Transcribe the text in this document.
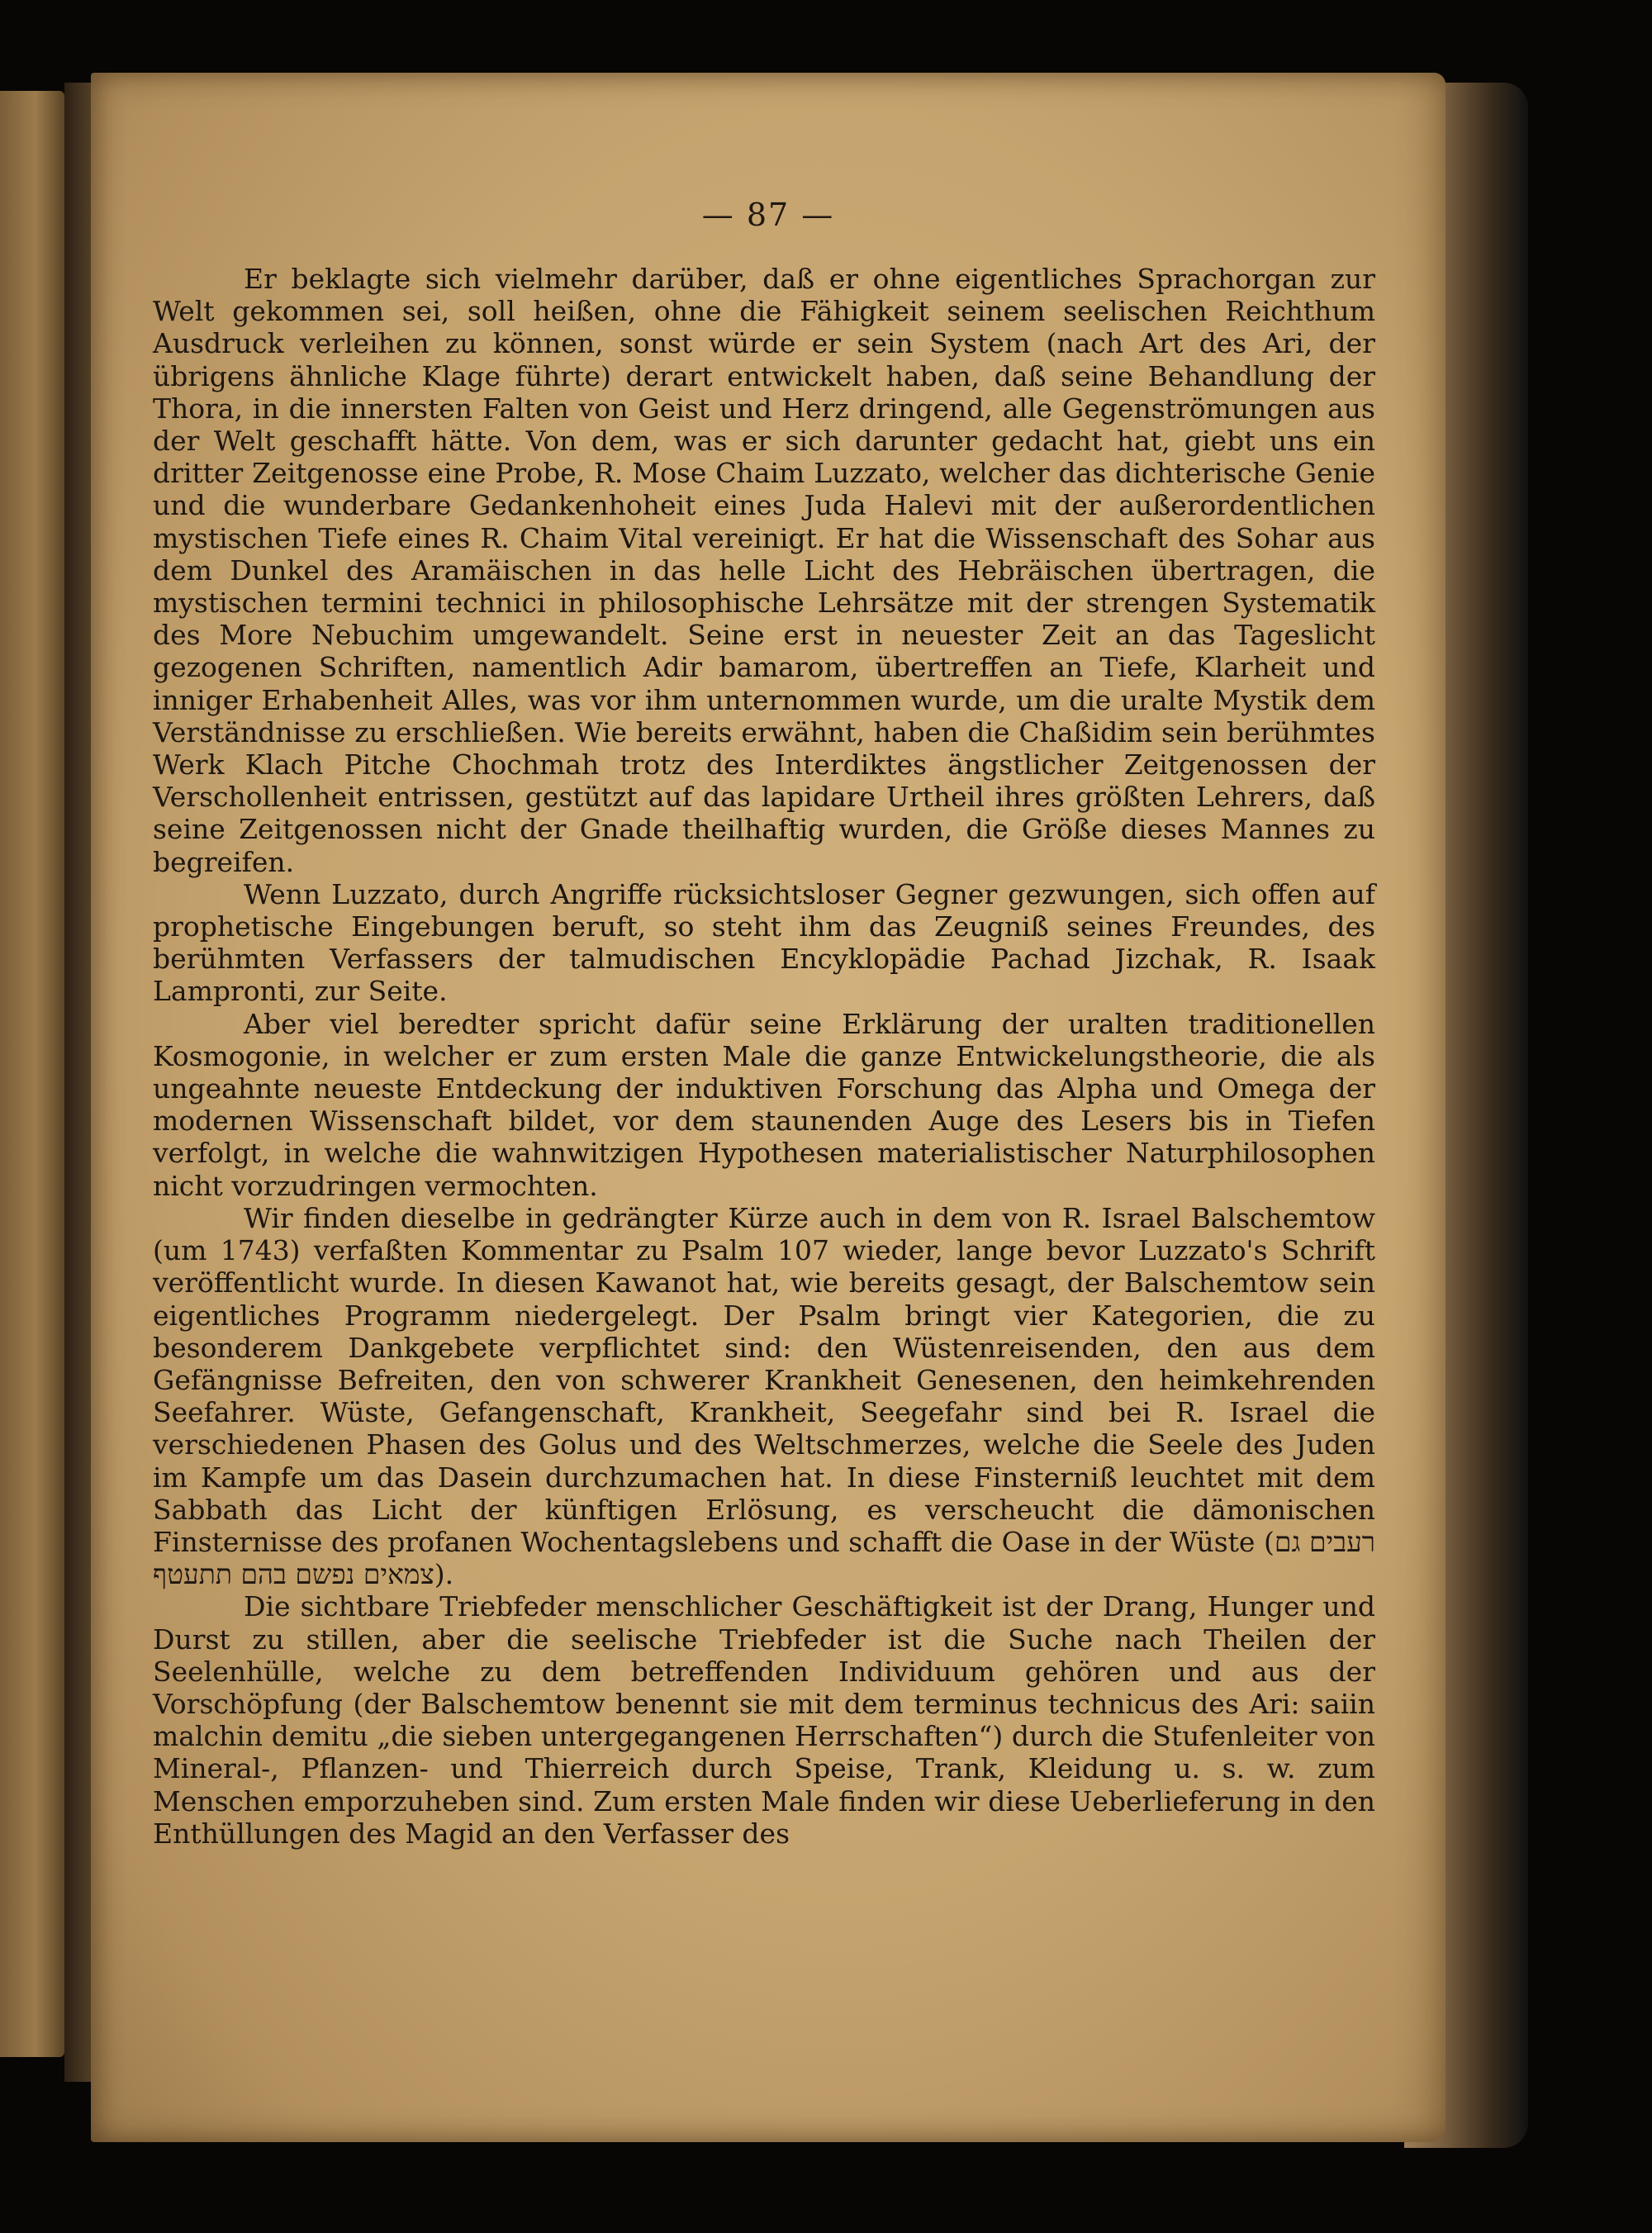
— 87 —

Er beklagte sich vielmehr darüber, daß er ohne eigentliches Sprachorgan zur Welt gekommen sei, soll heißen, ohne die Fähigkeit seinem seelischen Reichthum Ausdruck verleihen zu können, sonst würde er sein System (nach Art des Ari, der übrigens ähnliche Klage führte) derart entwickelt haben, daß seine Behandlung der Thora, in die innersten Falten von Geist und Herz dringend, alle Gegenströmungen aus der Welt geschafft hätte. Von dem, was er sich darunter gedacht hat, giebt uns ein dritter Zeitgenosse eine Probe, R. Mose Chaim Luzzato, welcher das dichterische Genie und die wunderbare Gedankenhoheit eines Juda Halevi mit der außerordentlichen mystischen Tiefe eines R. Chaim Vital vereinigt. Er hat die Wissenschaft des Sohar aus dem Dunkel des Aramäischen in das helle Licht des Hebräischen übertragen, die mystischen termini technici in philosophische Lehrsätze mit der strengen Systematik des More Nebuchim umgewandelt. Seine erst in neuester Zeit an das Tageslicht gezogenen Schriften, namentlich Adir bamarom, übertreffen an Tiefe, Klarheit und inniger Erhabenheit Alles, was vor ihm unternommen wurde, um die uralte Mystik dem Verständnisse zu erschließen. Wie bereits erwähnt, haben die Chaßidim sein berühmtes Werk Klach Pitche Chochmah trotz des Interdiktes ängstlicher Zeitgenossen der Verschollenheit entrissen, gestützt auf das lapidare Urtheil ihres größten Lehrers, daß seine Zeitgenossen nicht der Gnade theilhaftig wurden, die Größe dieses Mannes zu begreifen.

Wenn Luzzato, durch Angriffe rücksichtsloser Gegner gezwungen, sich offen auf prophetische Eingebungen beruft, so steht ihm das Zeugniß seines Freundes, des berühmten Verfassers der talmudischen Encyklopädie Pachad Jizchak, R. Isaak Lampronti, zur Seite.

Aber viel beredter spricht dafür seine Erklärung der uralten traditionellen Kosmogonie, in welcher er zum ersten Male die ganze Entwickelungstheorie, die als ungeahnte neueste Entdeckung der induktiven Forschung das Alpha und Omega der modernen Wissenschaft bildet, vor dem staunenden Auge des Lesers bis in Tiefen verfolgt, in welche die wahnwitzigen Hypothesen materialistischer Naturphilosophen nicht vorzudringen vermochten.

Wir finden dieselbe in gedrängter Kürze auch in dem von R. Israel Balschemtow (um 1743) verfaßten Kommentar zu Psalm 107 wieder, lange bevor Luzzato's Schrift veröffentlicht wurde. In diesen Kawanot hat, wie bereits gesagt, der Balschemtow sein eigentliches Programm niedergelegt. Der Psalm bringt vier Kategorien, die zu besonderem Dankgebete verpflichtet sind: den Wüstenreisenden, den aus dem Gefängnisse Befreiten, den von schwerer Krankheit Genesenen, den heimkehrenden Seefahrer. Wüste, Gefangenschaft, Krankheit, Seegefahr sind bei R. Israel die verschiedenen Phasen des Golus und des Weltschmerzes, welche die Seele des Juden im Kampfe um das Dasein durchzumachen hat. In diese Finsterniß leuchtet mit dem Sabbath das Licht der künftigen Erlösung, es verscheucht die dämonischen Finsternisse des profanen Wochentagslebens und schafft die Oase in der Wüste (רעבים גם צמאים נפשם בהם תתעטף).

Die sichtbare Triebfeder menschlicher Geschäftigkeit ist der Drang, Hunger und Durst zu stillen, aber die seelische Triebfeder ist die Suche nach Theilen der Seelenhülle, welche zu dem betreffenden Individuum gehören und aus der Vorschöpfung (der Balschemtow benennt sie mit dem terminus technicus des Ari: saiin malchin demitu „die sieben untergegangenen Herrschaften“) durch die Stufenleiter von Mineral-, Pflanzen- und Thierreich durch Speise, Trank, Kleidung u. s. w. zum Menschen emporzuheben sind. Zum ersten Male finden wir diese Ueberlieferung in den Enthüllungen des Magid an den Verfasser des
